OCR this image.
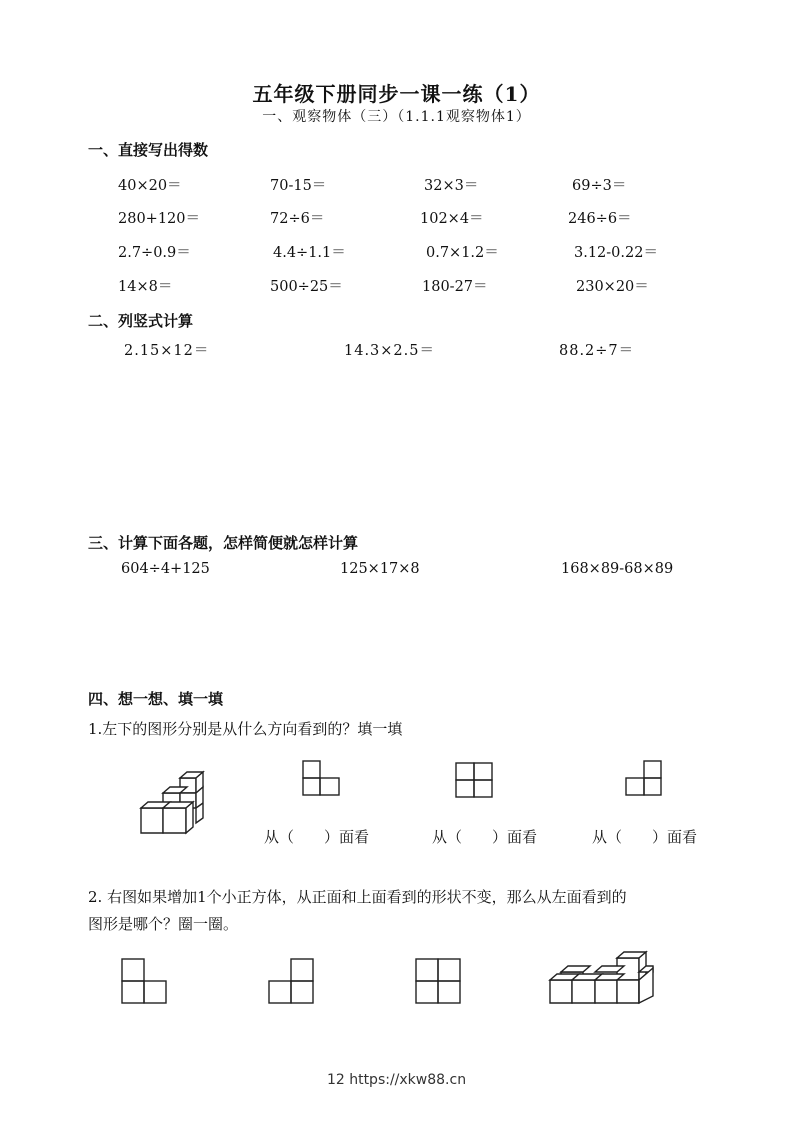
五年级下册同步一课一练（1）
一、观察物体（三）（1.1.1观察物体1）
一、直接写出得数
40×20＝	70-15＝	32×3＝	69÷3＝
280+120＝	72÷6＝	102×4＝	246÷6＝
2.7÷0.9＝	4.4÷1.1＝	0.7×1.2＝	3.12-0.22＝
14×8＝	500÷25＝	180-27＝	230×20＝
二、列竖式计算
2.15×12＝	14.3×2.5＝	88.2÷7＝
三、计算下面各题，怎样简便就怎样计算
604÷4+125	125×17×8	168×89-68×89
四、想一想、填一填
1.左下的图形分别是从什么方向看到的？填一填
从（　　）面看	从（　　）面看	从（　　）面看
2. 右图如果增加1个小正方体，从正面和上面看到的形状不变，那么从左面看到的
图形是哪个？圈一圈。
12 https://xkw88.cn
